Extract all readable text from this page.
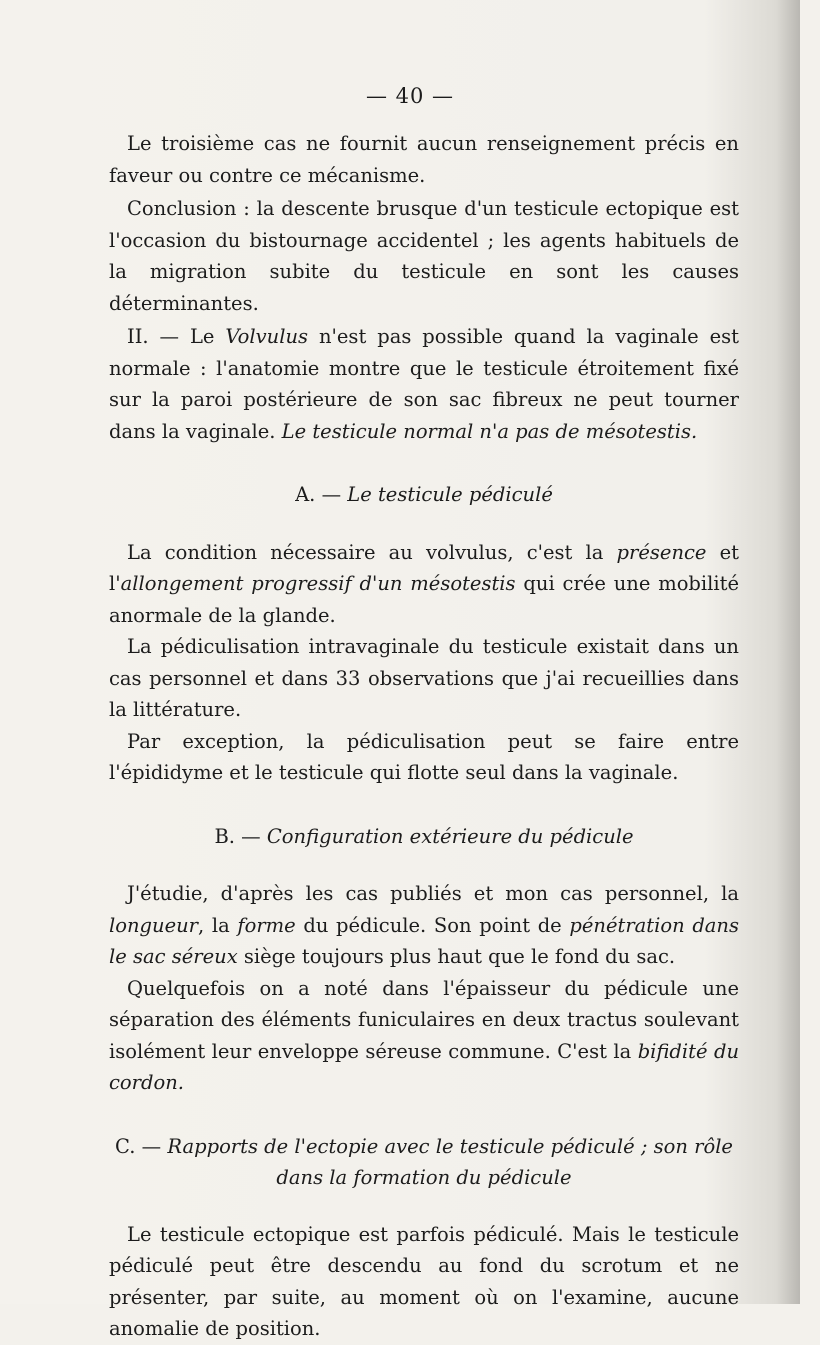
— 40 —

Le troisième cas ne fournit aucun renseignement précis en faveur ou contre ce mécanisme.

Conclusion : la descente brusque d'un testicule ectopique est l'occasion du bistournage accidentel ; les agents habituels de la migration subite du testicule en sont les causes déterminantes.

II. — Le Volvulus n'est pas possible quand la vaginale est normale : l'anatomie montre que le testicule étroitement fixé sur la paroi postérieure de son sac fibreux ne peut tourner dans la vaginale. Le testicule normal n'a pas de mésotestis.

A. — Le testicule pédiculé

La condition nécessaire au volvulus, c'est la présence et l'allongement progressif d'un mésotestis qui crée une mobilité anormale de la glande.

La pédiculisation intravaginale du testicule existait dans un cas personnel et dans 33 observations que j'ai recueillies dans la littérature.

Par exception, la pédiculisation peut se faire entre l'épididyme et le testicule qui flotte seul dans la vaginale.

B. — Configuration extérieure du pédicule

J'étudie, d'après les cas publiés et mon cas personnel, la longueur, la forme du pédicule. Son point de pénétration dans le sac séreux siège toujours plus haut que le fond du sac.

Quelquefois on a noté dans l'épaisseur du pédicule une séparation des éléments funiculaires en deux tractus soulevant isolément leur enveloppe séreuse commune. C'est la bifidité du cordon.

C. — Rapports de l'ectopie avec le testicule pédiculé ; son rôle
dans la formation du pédicule

Le testicule ectopique est parfois pédiculé. Mais le testicule pédiculé peut être descendu au fond du scrotum et ne présenter, par suite, au moment où on l'examine, aucune anomalie de position.
